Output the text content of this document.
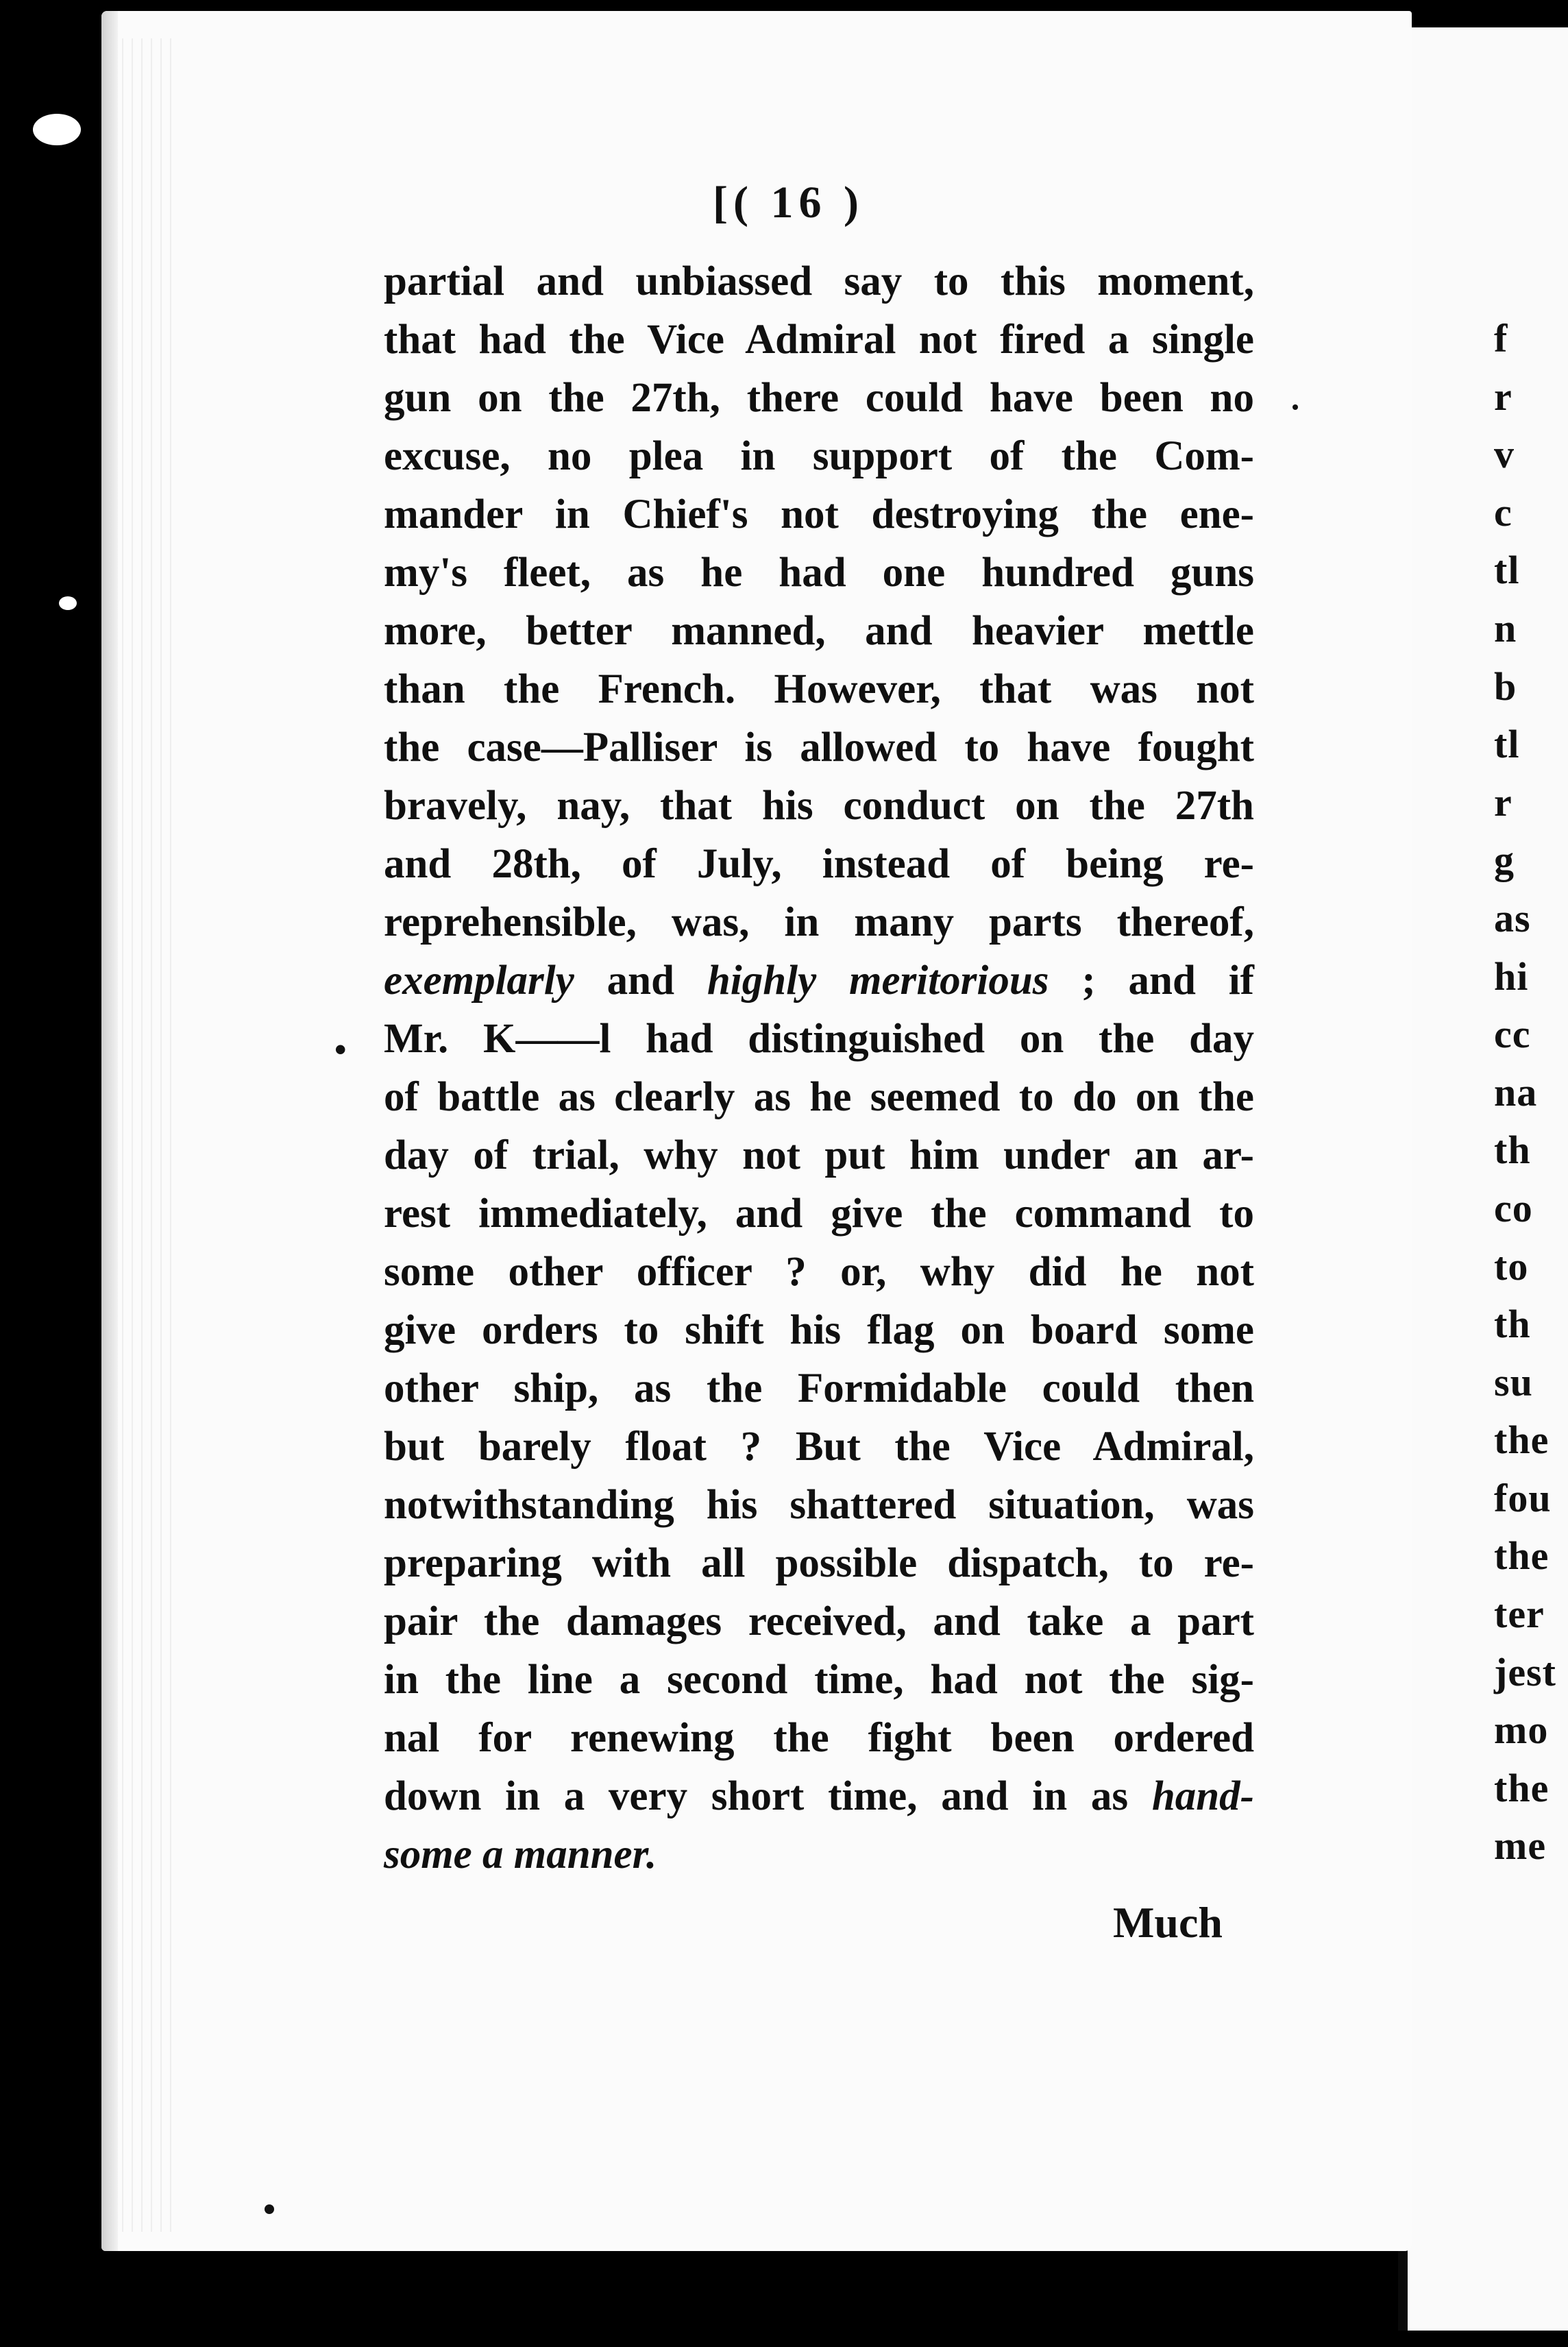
f
r
v
c
tl
n
b
tl
r
g
as
hi
cc
na
th
co
to
th
su
the
fou
the
ter
jest
mo
the
me
[( 16 )
•
partial and unbiassed say to this moment,
that had the Vice Admiral not fired a single
gun on the 27th, there could have been no
excuse, no plea in support of the Com-
mander in Chief's not destroying the ene-
my's fleet, as he had one hundred guns
more, better manned, and heavier mettle
than the French. However, that was not
the case—Palliser is allowed to have fought
bravely, nay, that his conduct on the 27th
and 28th, of July, instead of being re-
reprehensible, was, in many parts thereof,
exemplarly and highly meritorious ; and if
Mr. K——l had distinguished on the day
of battle as clearly as he seemed to do on the
day of trial, why not put him under an ar-
rest immediately, and give the command to
some other officer ? or, why did he not
give orders to shift his flag on board some
other ship, as the Formidable could then
but barely float ? But the Vice Admiral,
notwithstanding his shattered situation, was
preparing with all possible dispatch, to re-
pair the damages received, and take a part
in the line a second time, had not the sig-
nal for renewing the fight been ordered
down in a very short time, and in as hand-
some a manner.
Much
